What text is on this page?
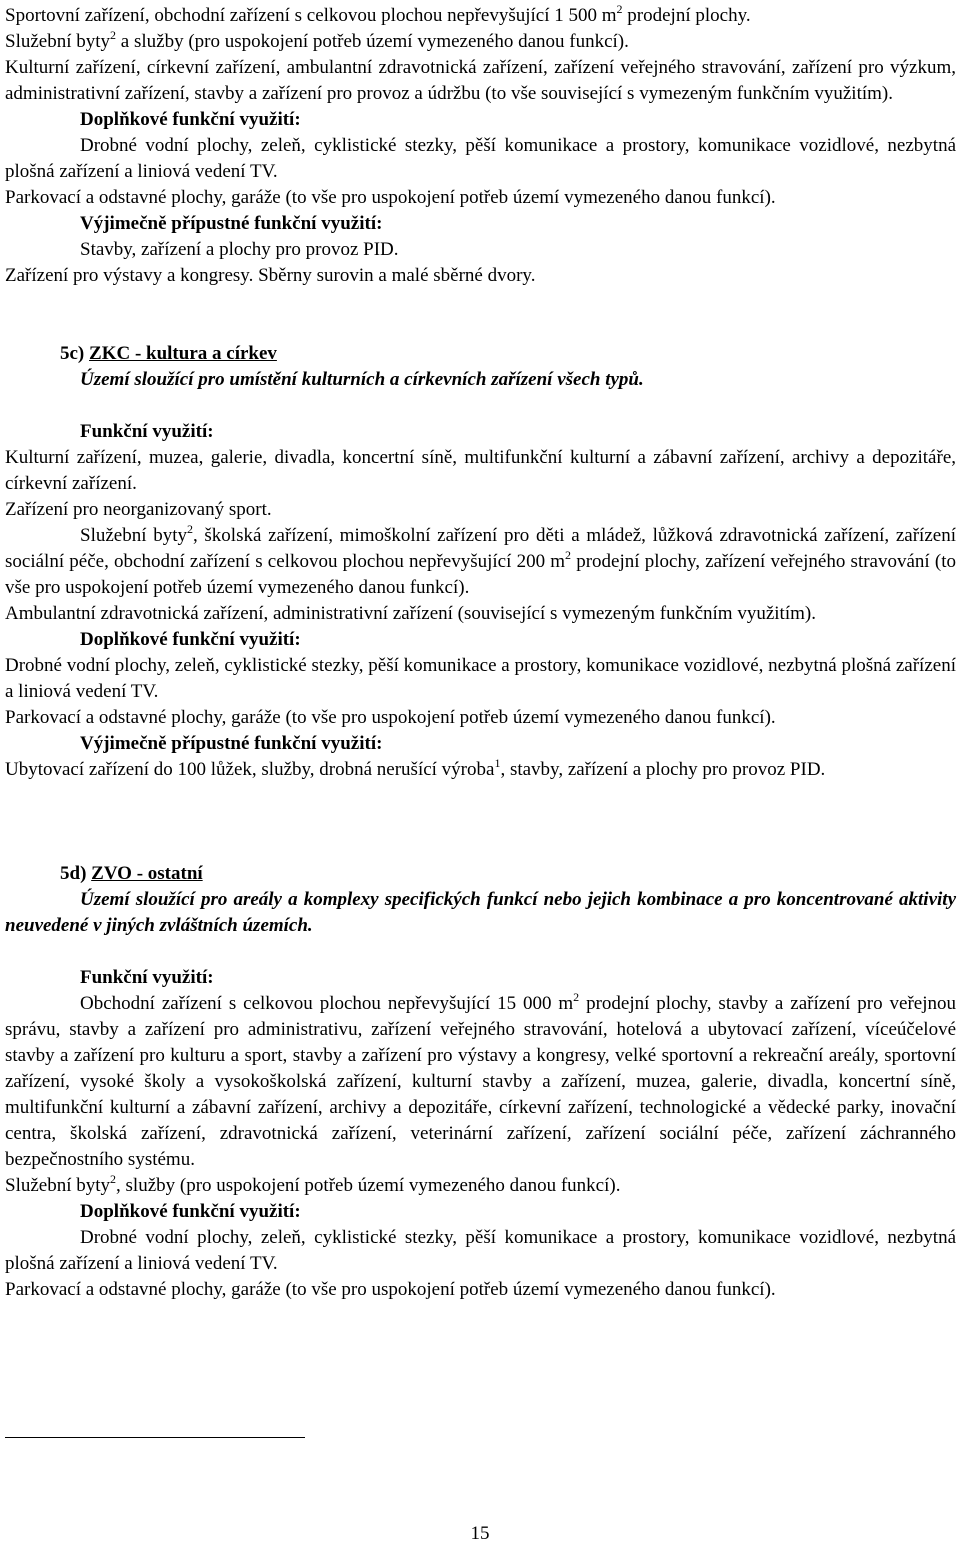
Sportovní zařízení, obchodní zařízení s celkovou plochou nepřevyšující 1 500 $m^2$ prodejní plochy.

Služební byty$^2$ a služby (pro uspokojení potřeb území vymezeného danou funkcí).

Kulturní zařízení, církevní zařízení, ambulantní zdravotnická zařízení, zařízení veřejného stravování, zařízení pro výzkum, administrativní zařízení, stavby a zařízení pro provoz a údržbu (to vše související s vymezeným funkčním využitím).

Doplňkové funkční využití:

Drobné vodní plochy, zeleň, cyklistické stezky, pěší komunikace a prostory, komunikace vozidlové, nezbytná plošná zařízení a liniová vedení TV.

Parkovací a odstavné plochy, garáže (to vše pro uspokojení potřeb území vymezeného danou funkcí).

Výjimečně přípustné funkční využití:

Stavby, zařízení a plochy pro provoz PID.

Zařízení pro výstavy a kongresy. Sběrny surovin a malé sběrné dvory.

5c) ZKC - kultura a církev

Území sloužící pro umístění kulturních a církevních zařízení všech typů.

Funkční využití:

Kulturní zařízení, muzea, galerie, divadla, koncertní síně, multifunkční kulturní a zábavní zařízení, archivy a depozitáře, církevní zařízení.

Zařízení pro neorganizovaný sport.

Služební byty$^2$, školská zařízení, mimoškolní zařízení pro děti a mládež, lůžková zdravotnická zařízení, zařízení sociální péče, obchodní zařízení s celkovou plochou nepřevyšující 200 $m^2$ prodejní plochy, zařízení veřejného stravování (to vše pro uspokojení potřeb území vymezeného danou funkcí).

Ambulantní zdravotnická zařízení, administrativní zařízení (související s vymezeným funkčním využitím).

Doplňkové funkční využití:

Drobné vodní plochy, zeleň, cyklistické stezky, pěší komunikace a prostory, komunikace vozidlové, nezbytná plošná zařízení a liniová vedení TV.

Parkovací a odstavné plochy, garáže (to vše pro uspokojení potřeb území vymezeného danou funkcí).

Výjimečně přípustné funkční využití:

Ubytovací zařízení do 100 lůžek, služby, drobná nerušící výroba$^1$, stavby, zařízení a plochy pro provoz PID.

5d) ZVO - ostatní

Území sloužící pro areály a komplexy specifických funkcí nebo jejich kombinace a pro koncentrované aktivity neuvedené v jiných zvláštních územích.

Funkční využití:

Obchodní zařízení s celkovou plochou nepřevyšující 15 000 $m^2$ prodejní plochy, stavby a zařízení pro veřejnou správu, stavby a zařízení pro administrativu, zařízení veřejného stravování, hotelová a ubytovací zařízení, víceúčelové stavby a zařízení pro kulturu a sport, stavby a zařízení pro výstavy a kongresy, velké sportovní a rekreační areály, sportovní zařízení, vysoké školy a vysokoškolská zařízení, kulturní stavby a zařízení, muzea, galerie, divadla, koncertní síně, multifunkční kulturní a zábavní zařízení, archivy a depozitáře, církevní zařízení, technologické a vědecké parky, inovační centra, školská zařízení, zdravotnická zařízení, veterinární zařízení, zařízení sociální péče, zařízení záchranného bezpečnostního systému.

Služební byty$^2$, služby (pro uspokojení potřeb území vymezeného danou funkcí).

Doplňkové funkční využití:

Drobné vodní plochy, zeleň, cyklistické stezky, pěší komunikace a prostory, komunikace vozidlové, nezbytná plošná zařízení a liniová vedení TV.

Parkovací a odstavné plochy, garáže (to vše pro uspokojení potřeb území vymezeného danou funkcí).

15
